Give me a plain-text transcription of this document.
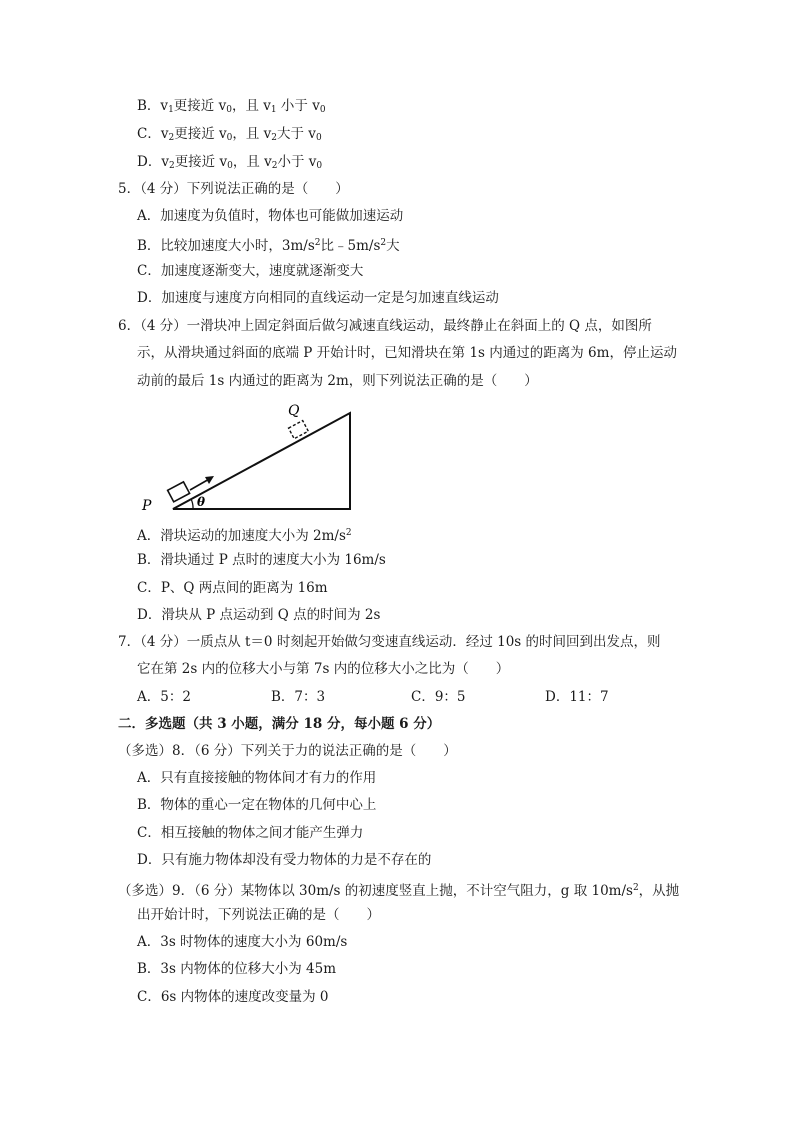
B．$v_1$更接近 $v_0$，且 $v_1$ 小于 $v_0$
C．$v_2$更接近 $v_0$，且 $v_2$大于 $v_0$
D．$v_2$更接近 $v_0$，且 $v_2$小于 $v_0$
5．（4 分）下列说法正确的是（　　）
A．加速度为负值时，物体也可能做加速运动
B．比较加速度大小时，$3m/s^2$比$﹣5m/s^2$大
C．加速度逐渐变大，速度就逐渐变大
D．加速度与速度方向相同的直线运动一定是匀加速直线运动
6．（4 分）一滑块冲上固定斜面后做匀减速直线运动，最终静止在斜面上的 Q 点，如图所
示，从滑块通过斜面的底端 P 开始计时，已知滑块在第 1s 内通过的距离为 6m，停止运动
动前的最后 1s 内通过的距离为 2m，则下列说法正确的是（　　）
θ
P
Q
A．滑块运动的加速度大小为 $2m/s^2$
B．滑块通过 P 点时的速度大小为 16m/s
C．P、Q 两点间的距离为 16m
D．滑块从 P 点运动到 Q 点的时间为 2s
7．（4 分）一质点从 t＝0 时刻起开始做匀变速直线运动．经过 10s 的时间回到出发点，则
它在第 2s 内的位移大小与第 7s 内的位移大小之比为（　　）
A．5：2	B．7：3	C．9：5	D．11：7
二．多选题（共 3 小题，满分 18 分，每小题 6 分）
（多选）8．（6 分）下列关于力的说法正确的是（　　）
A．只有直接接触的物体间才有力的作用
B．物体的重心一定在物体的几何中心上
C．相互接触的物体之间才能产生弹力
D．只有施力物体却没有受力物体的力是不存在的
（多选）9．（6 分）某物体以 30m/s 的初速度竖直上抛，不计空气阻力，g 取 $10m/s^2$，从抛
出开始计时，下列说法正确的是（　　）
A．3s 时物体的速度大小为 60m/s
B．3s 内物体的位移大小为 45m
C．6s 内物体的速度改变量为 0
